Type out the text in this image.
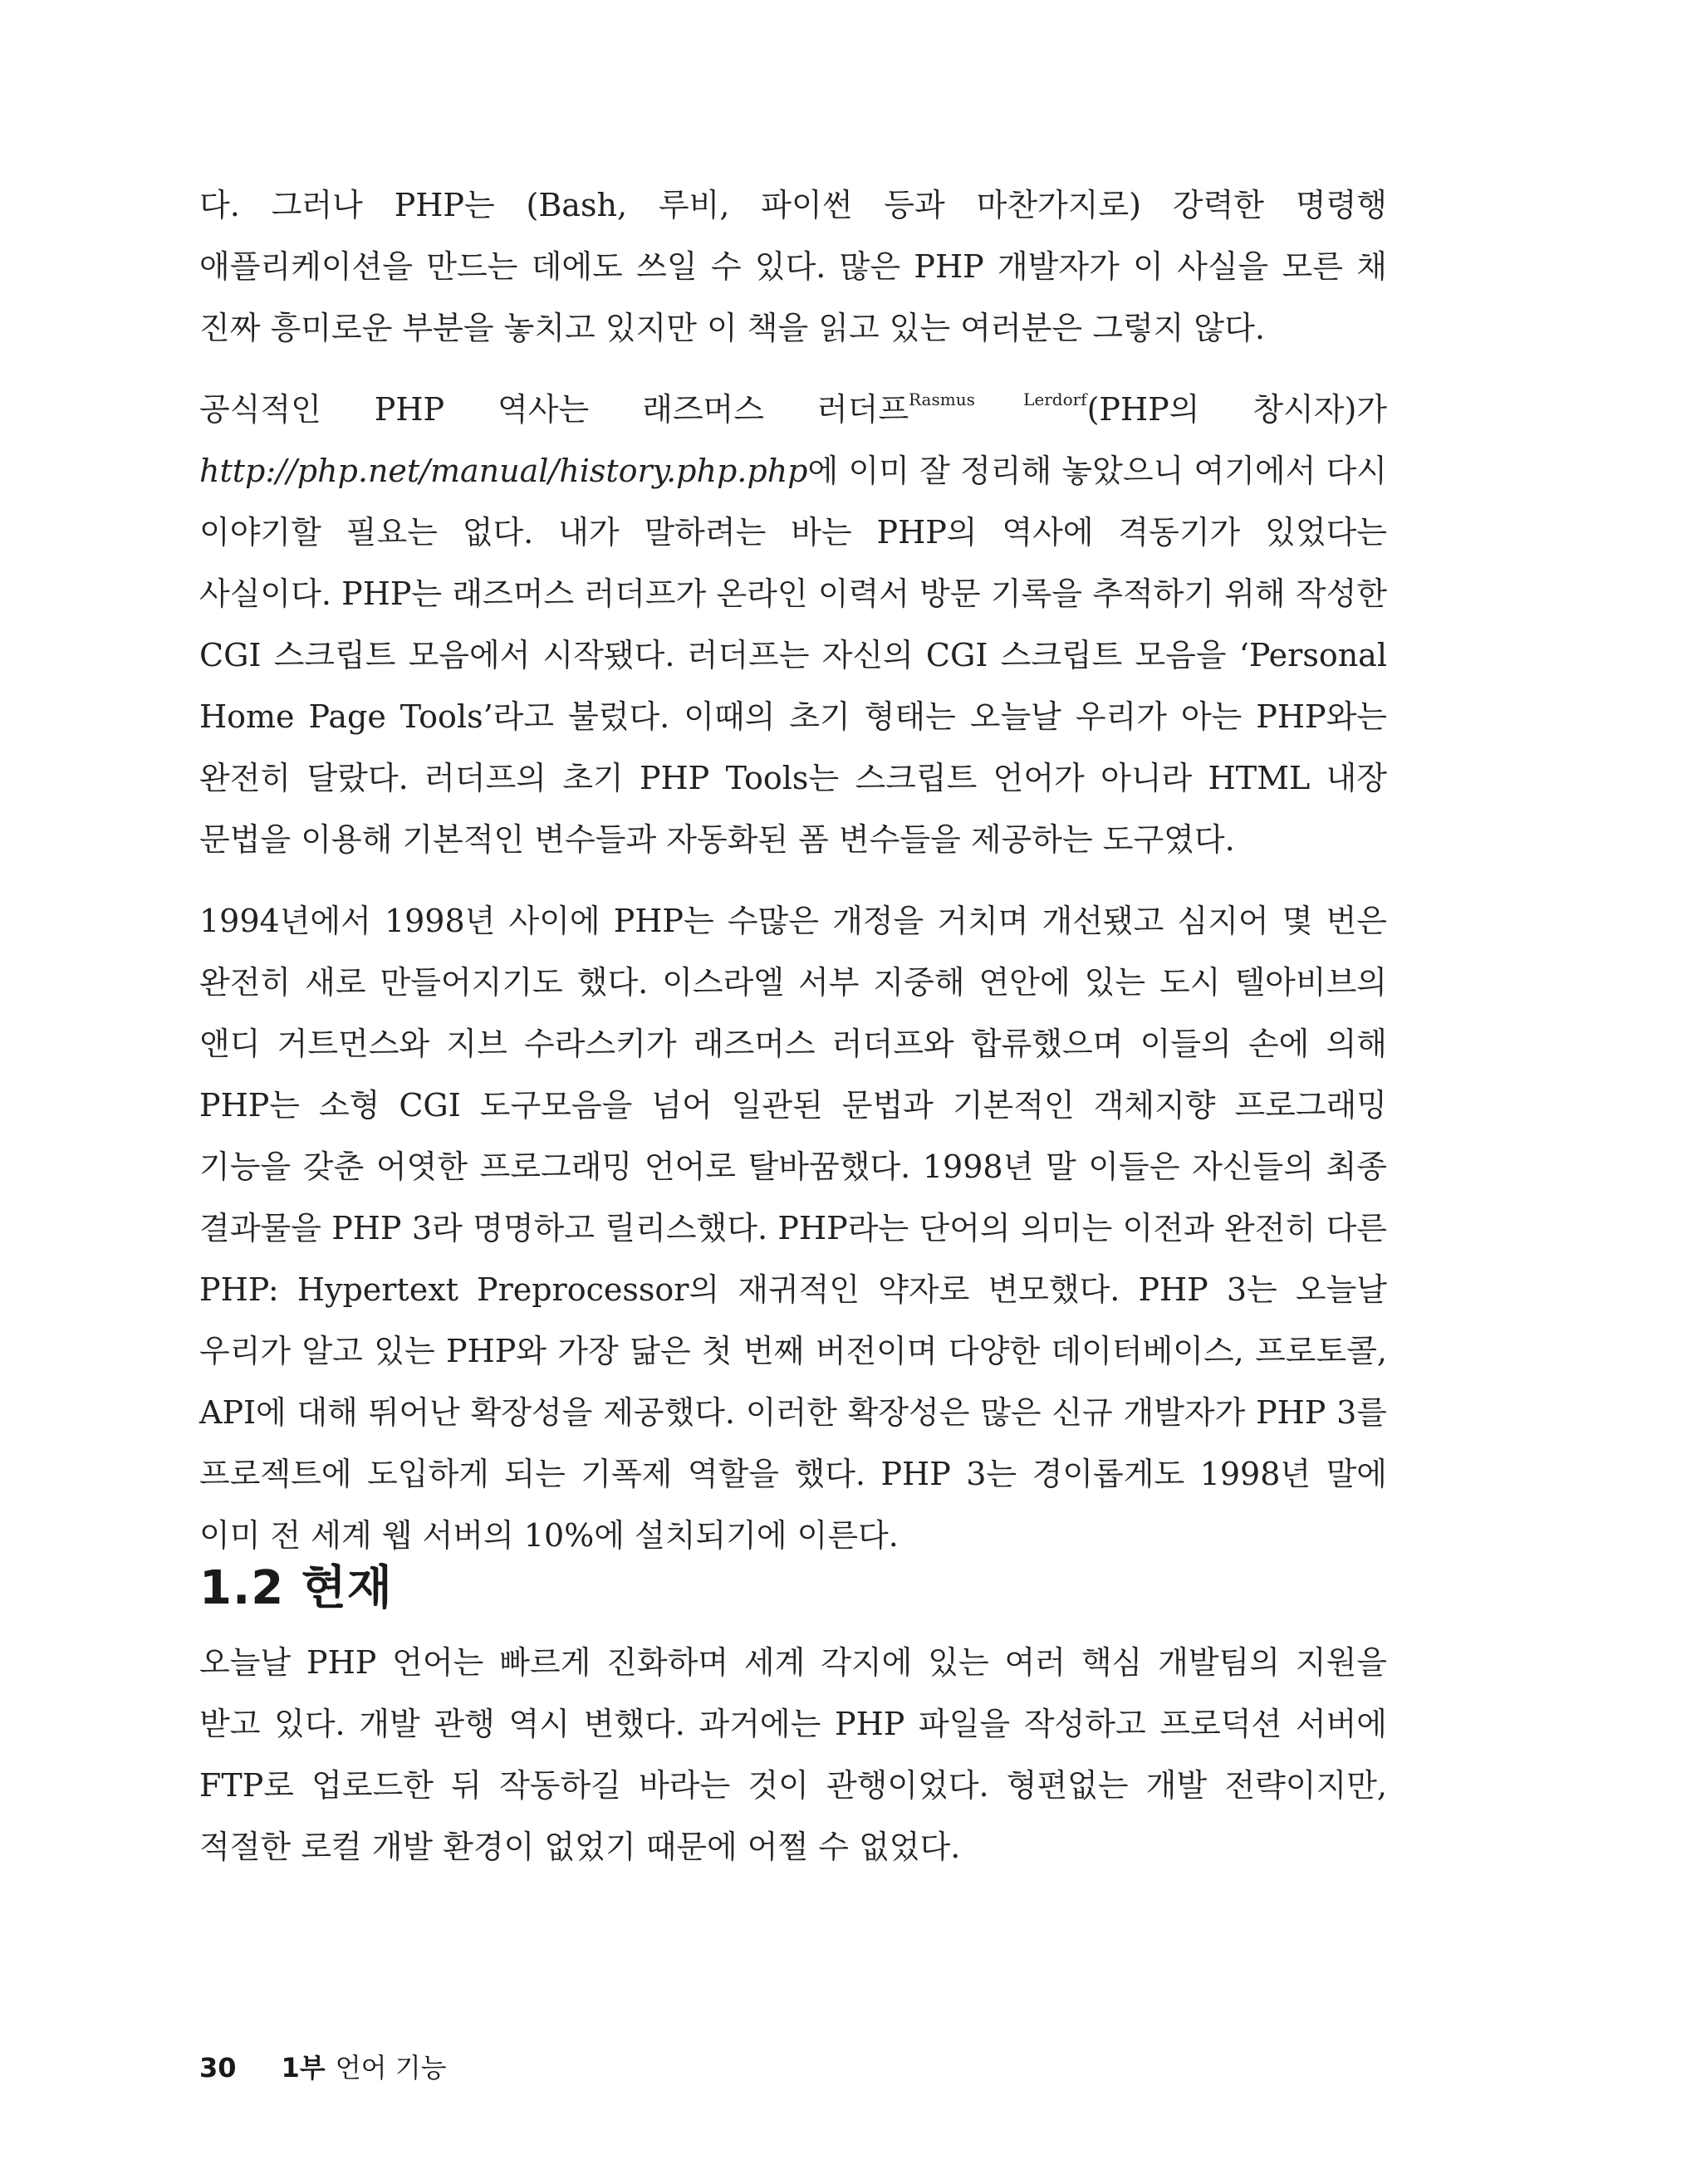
다. 그러나 PHP는 (Bash, 루비, 파이썬 등과 마찬가지로) 강력한 명령행 애플리케이션을 만드는 데에도 쓰일 수 있다. 많은 PHP 개발자가 이 사실을 모른 채 진짜 흥미로운 부분을 놓치고 있지만 이 책을 읽고 있는 여러분은 그렇지 않다.

공식적인 PHP 역사는 래즈머스 러더프$^{Rasmus Lerdorf}$(PHP의 창시자)가 http://php.net/manual/history.php.php에 이미 잘 정리해 놓았으니 여기에서 다시 이야기할 필요는 없다. 내가 말하려는 바는 PHP의 역사에 격동기가 있었다는 사실이다. PHP는 래즈머스 러더프가 온라인 이력서 방문 기록을 추적하기 위해 작성한 CGI 스크립트 모음에서 시작됐다. 러더프는 자신의 CGI 스크립트 모음을 ‘Personal Home Page Tools’라고 불렀다. 이때의 초기 형태는 오늘날 우리가 아는 PHP와는 완전히 달랐다. 러더프의 초기 PHP Tools는 스크립트 언어가 아니라 HTML 내장 문법을 이용해 기본적인 변수들과 자동화된 폼 변수들을 제공하는 도구였다.

1994년에서 1998년 사이에 PHP는 수많은 개정을 거치며 개선됐고 심지어 몇 번은 완전히 새로 만들어지기도 했다. 이스라엘 서부 지중해 연안에 있는 도시 텔아비브의 앤디 거트먼스와 지브 수라스키가 래즈머스 러더프와 합류했으며 이들의 손에 의해 PHP는 소형 CGI 도구모음을 넘어 일관된 문법과 기본적인 객체지향 프로그래밍 기능을 갖춘 어엿한 프로그래밍 언어로 탈바꿈했다. 1998년 말 이들은 자신들의 최종 결과물을 PHP 3라 명명하고 릴리스했다. PHP라는 단어의 의미는 이전과 완전히 다른 PHP: Hypertext Preprocessor의 재귀적인 약자로 변모했다. PHP 3는 오늘날 우리가 알고 있는 PHP와 가장 닮은 첫 번째 버전이며 다양한 데이터베이스, 프로토콜, API에 대해 뛰어난 확장성을 제공했다. 이러한 확장성은 많은 신규 개발자가 PHP 3를 프로젝트에 도입하게 되는 기폭제 역할을 했다. PHP 3는 경이롭게도 1998년 말에 이미 전 세계 웹 서버의 10%에 설치되기에 이른다.

1.2 현재

오늘날 PHP 언어는 빠르게 진화하며 세계 각지에 있는 여러 핵심 개발팀의 지원을 받고 있다. 개발 관행 역시 변했다. 과거에는 PHP 파일을 작성하고 프로덕션 서버에 FTP로 업로드한 뒤 작동하길 바라는 것이 관행이었다. 형편없는 개발 전략이지만, 적절한 로컬 개발 환경이 없었기 때문에 어쩔 수 없었다.

30 1부 언어 기능
